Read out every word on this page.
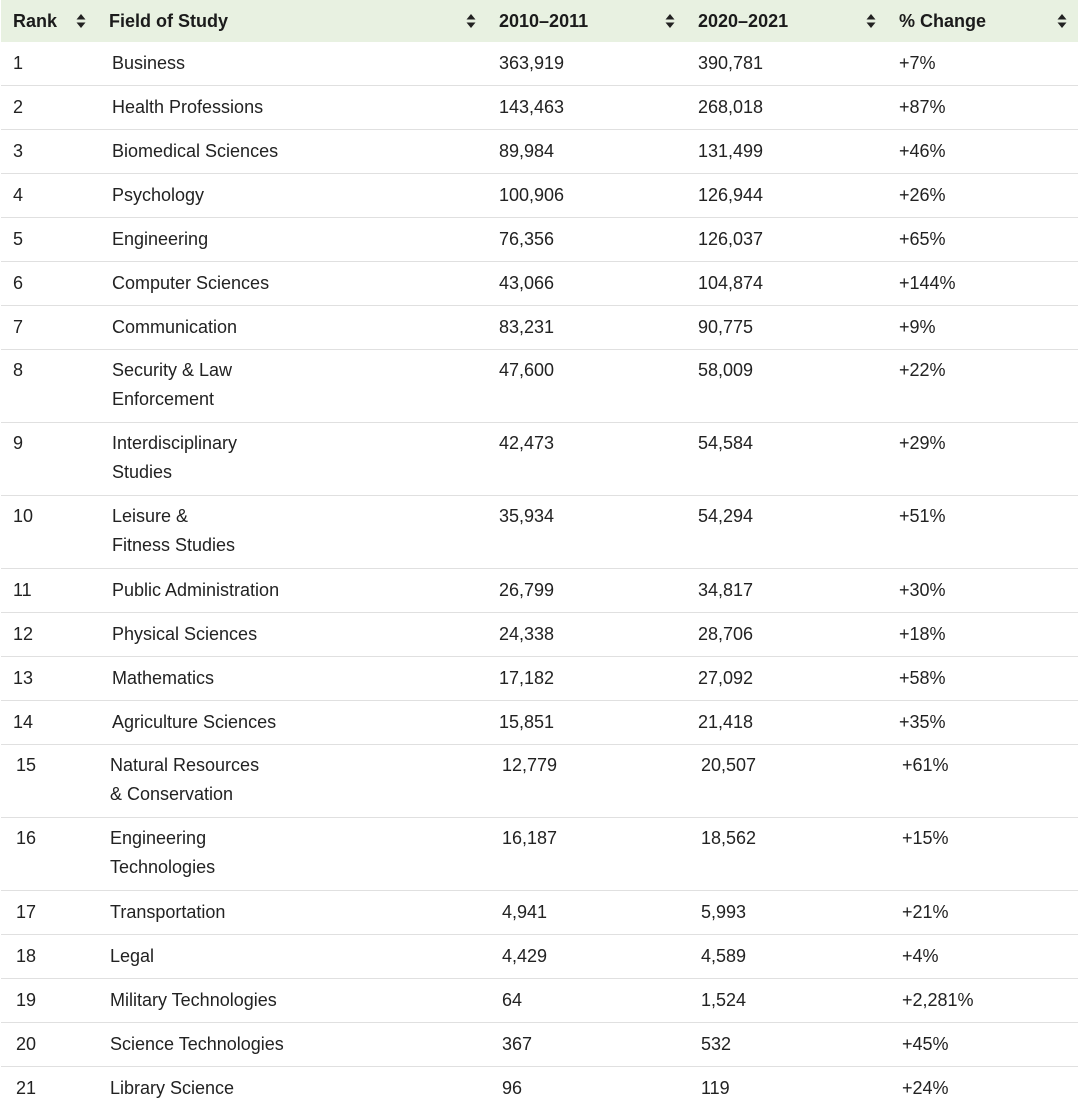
Rank	Field of Study	2010–2011	2020–2021	% Change

1	Business	363,919	390,781	+7%
2	Health Professions	143,463	268,018	+87%
3	Biomedical Sciences	89,984	131,499	+46%
4	Psychology	100,906	126,944	+26%
5	Engineering	76,356	126,037	+65%
6	Computer Sciences	43,066	104,874	+144%
7	Communication	83,231	90,775	+9%
8	Security & Law
Enforcement	47,600	58,009	+22%
9	Interdisciplinary
Studies	42,473	54,584	+29%
10	Leisure &
Fitness Studies	35,934	54,294	+51%
11	Public Administration	26,799	34,817	+30%
12	Physical Sciences	24,338	28,706	+18%
13	Mathematics	17,182	27,092	+58%
14	Agriculture Sciences	15,851	21,418	+35%
15	Natural Resources
& Conservation	12,779	20,507	+61%
16	Engineering
Technologies	16,187	18,562	+15%
17	Transportation	4,941	5,993	+21%
18	Legal	4,429	4,589	+4%
19	Military Technologies	64	1,524	+2,281%
20	Science Technologies	367	532	+45%
21	Library Science	96	119	+24%
